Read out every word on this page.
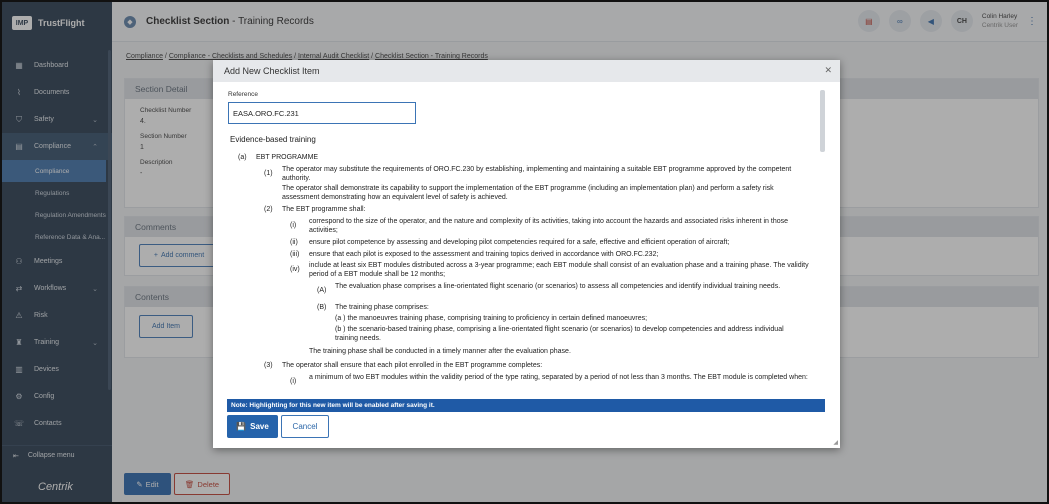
IMP	TrustFlight
▦	Dashboard
⌇	Documents
⛉	Safety	⌄
▤	Compliance	⌃
Compliance
Regulations
Regulation Amendments
Reference Data & Ana...
⚇	Meetings
⇄	Workflows	⌄
⚠	Risk
♜	Training	⌄
▥	Devices
⚙	Config
☏ Contacts
⇤ Collapse menu
Centrik
◆	Checklist Section - Training Records	▤	∞	◀	CH
Colin Harley
Centrik User ⋮
Compliance / Compliance - Checklists and Schedules / Internal Audit Checklist / Checklist Section - Training Records
Section Detail
Checklist Number
4.
Section Number
1
Description
-
Comments
+ Add comment
Contents
Add Item
✎ Edit	🗑 Delete
Add New Checklist Item	✕
Reference
EASA.ORO.FC.231
Evidence-based training
(a) EBT PROGRAMME
(1)
The operator may substitute the requirements of ORO.FC.230 by establishing, implementing and maintaining a suitable EBT programme approved by the competent authority.
The operator shall demonstrate its capability to support the implementation of the EBT programme (including an implementation plan) and perform a safety risk assessment demonstrating how an equivalent level of safety is achieved.
(2) The EBT programme shall:
(i)
correspond to the size of the operator, and the nature and complexity of its activities, taking into account the hazards and associated risks inherent in those activities;
(ii) ensure pilot competence by assessing and developing pilot competencies required for a safe, effective and efficient operation of aircraft;
(iii) ensure that each pilot is exposed to the assessment and training topics derived in accordance with ORO.FC.232;
(iv)
include at least six EBT modules distributed across a 3-year programme; each EBT module shall consist of an evaluation phase and a training phase. The validity period of a EBT module shall be 12 months;
(A)
The evaluation phase comprises a line-orientated flight scenario (or scenarios) to assess all competencies and identify individual training needs.
(B) The training phase comprises:
(a ) the manoeuvres training phase, comprising training to proficiency in certain defined manoeuvres;
(b ) the scenario-based training phase, comprising a line-orientated flight scenario (or scenarios) to develop competencies and address individual training needs.
The training phase shall be conducted in a timely manner after the evaluation phase.
(3) The operator shall ensure that each pilot enrolled in the EBT programme completes:
(i)
a minimum of two EBT modules within the validity period of the type rating, separated by a period of not less than 3 months. The EBT module is completed when:
Note: Highlighting for this new item will be enabled after saving it.
💾 Save	Cancel
◢
